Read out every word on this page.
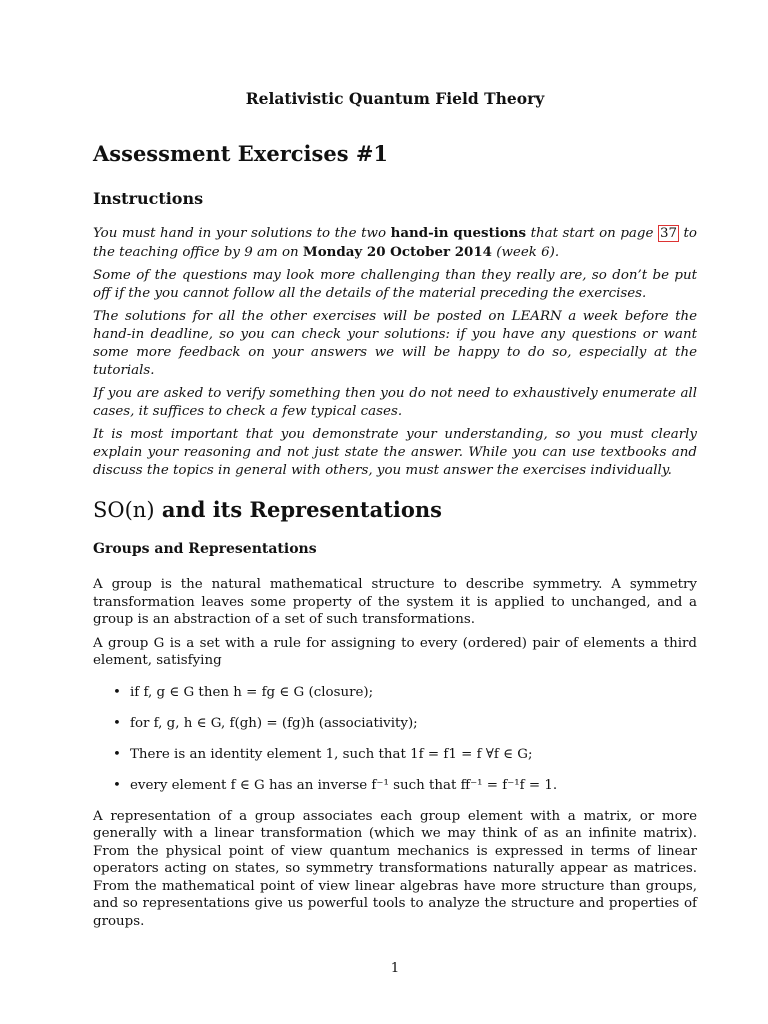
Relativistic Quantum Field Theory
Assessment Exercises #1
Instructions

You must hand in your solutions to the two hand-in questions that start on page 37 to the teaching office by 9 am on Monday 20 October 2014 (week 6).

Some of the questions may look more challenging than they really are, so don’t be put off if the you cannot follow all the details of the material preceding the exercises.

The solutions for all the other exercises will be posted on LEARN a week before the hand-in deadline, so you can check your solutions: if you have any questions or want some more feedback on your answers we will be happy to do so, especially at the tutorials.

If you are asked to verify something then you do not need to exhaustively enumerate all cases, it suffices to check a few typical cases.

It is most important that you demonstrate your understanding, so you must clearly explain your reasoning and not just state the answer. While you can use textbooks and discuss the topics in general with others, you must answer the exercises individually.

SO(n) and its Representations
Groups and Representations

A group is the natural mathematical structure to describe symmetry. A symmetry transformation leaves some property of the system it is applied to unchanged, and a group is an abstraction of a set of such transformations.

A group G is a set with a rule for assigning to every (ordered) pair of elements a third element, satisfying

• if f, g ∈ G then h = fg ∈ G (closure);
• for f, g, h ∈ G, f(gh) = (fg)h (associativity);
• There is an identity element 1, such that 1f = f1 = f ∀f ∈ G;
• every element f ∈ G has an inverse f⁻¹ such that ff⁻¹ = f⁻¹f = 1.

A representation of a group associates each group element with a matrix, or more generally with a linear transformation (which we may think of as an infinite matrix). From the physical point of view quantum mechanics is expressed in terms of linear operators acting on states, so symmetry transformations naturally appear as matrices. From the mathematical point of view linear algebras have more structure than groups, and so representations give us powerful tools to analyze the structure and properties of groups.

1
